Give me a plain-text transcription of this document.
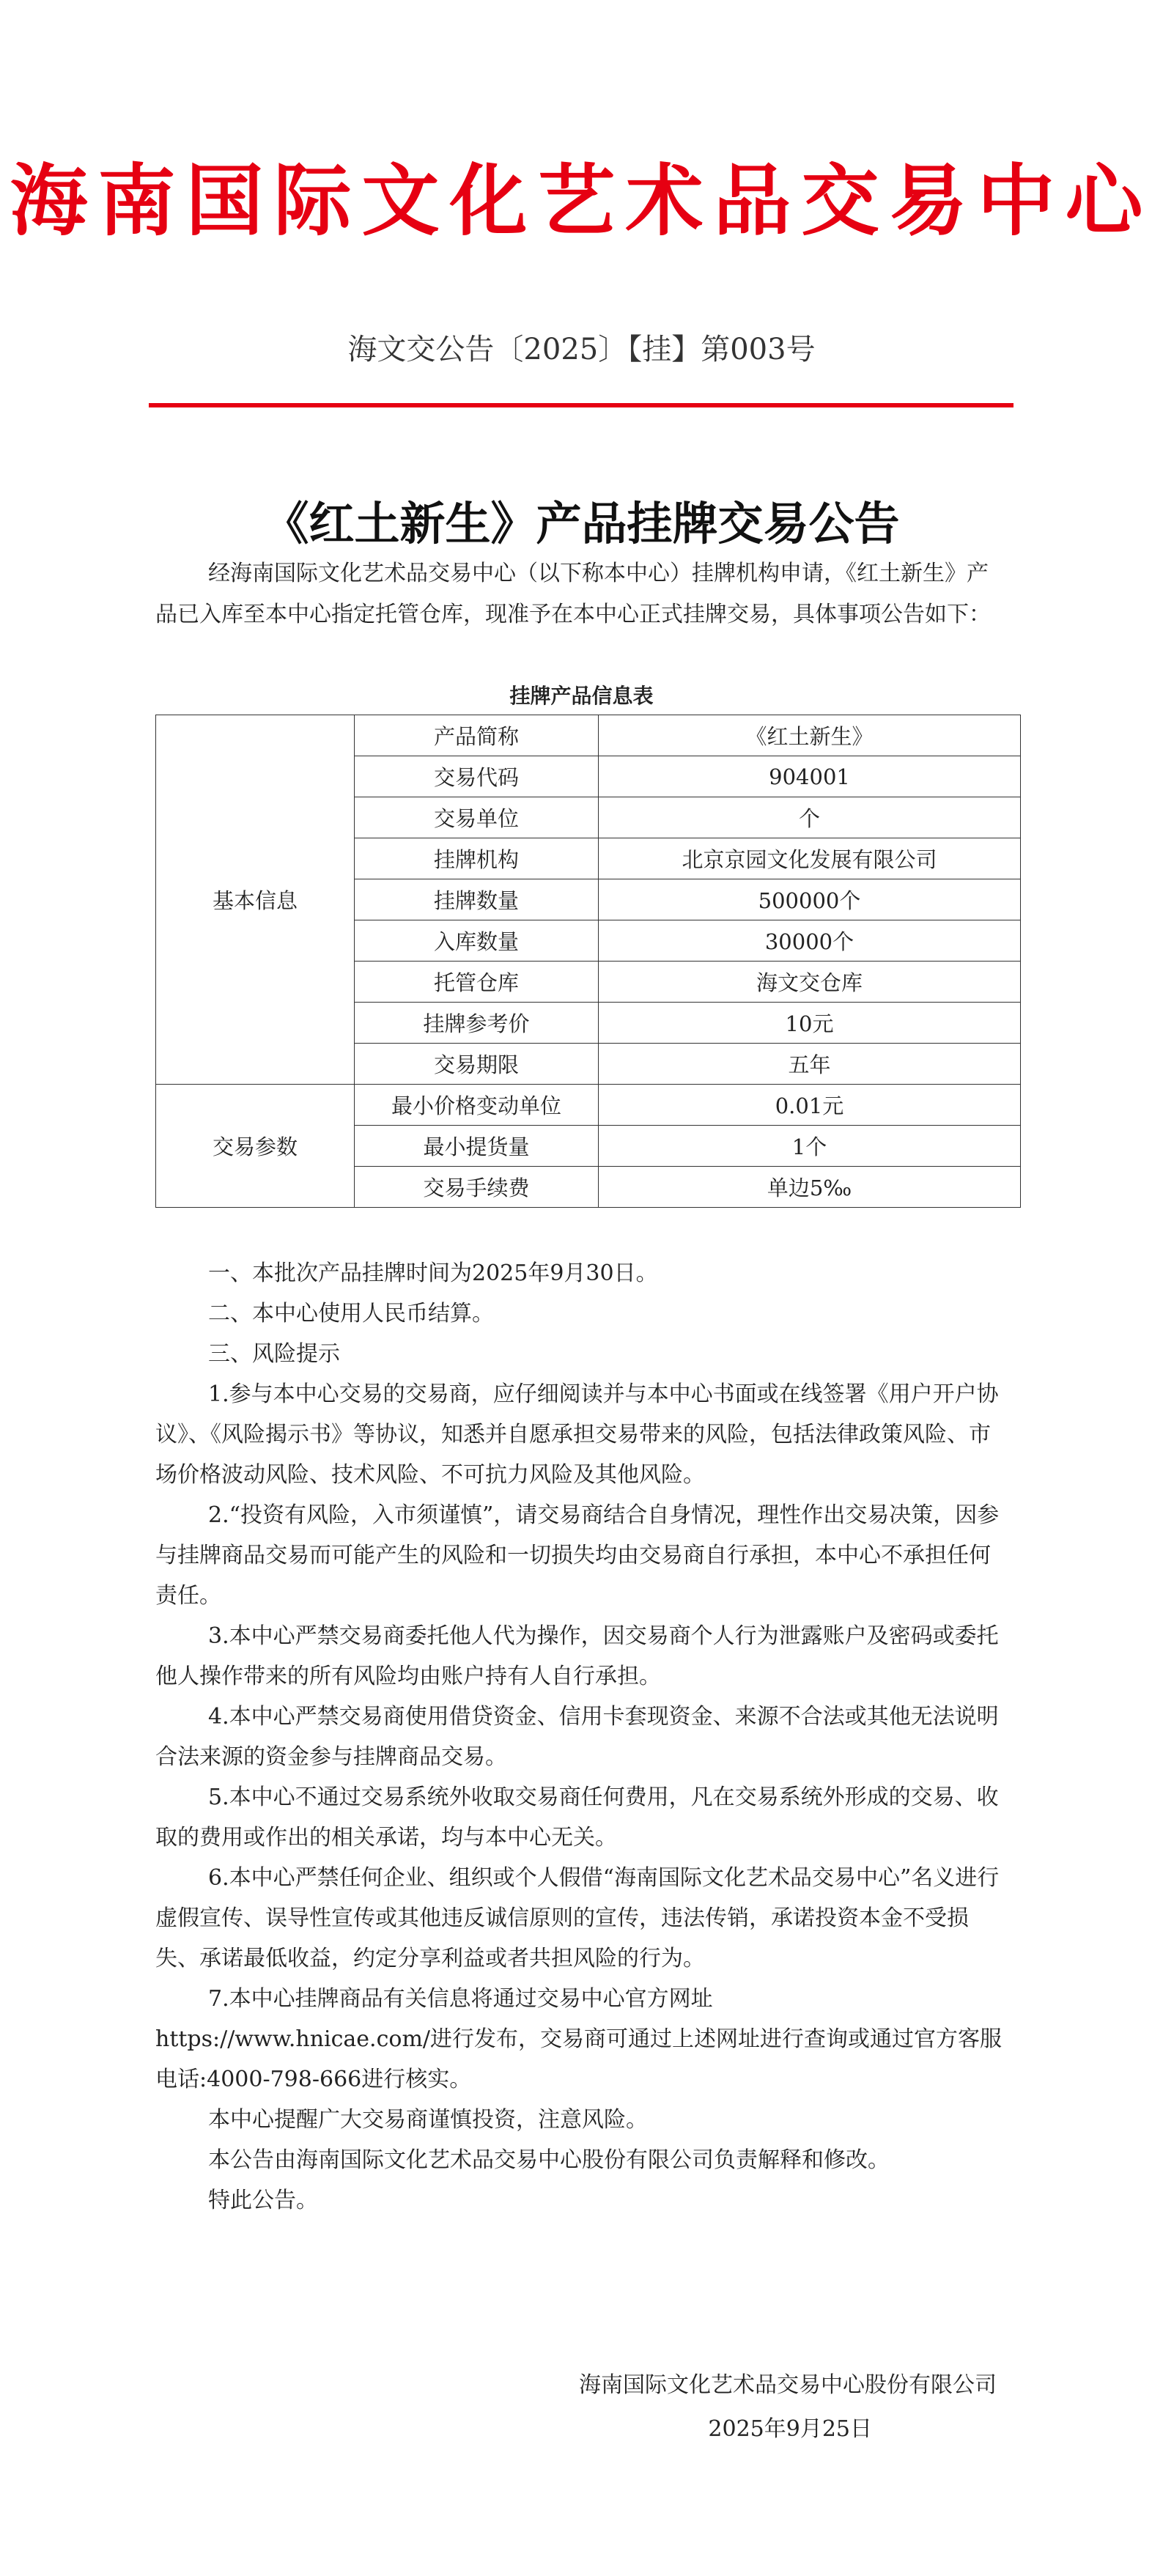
海南国际文化艺术品交易中心
海文交公告〔2025〕【挂】第003号
《红土新生》产品挂牌交易公告

经海南国际文化艺术品交易中心（以下称本中心）挂牌机构申请，《红土新生》产品已入库至本中心指定托管仓库，现准予在本中心正式挂牌交易，具体事项公告如下：

挂牌产品信息表
基本信息	产品简称	《红土新生》
	交易代码	904001
	交易单位	个
	挂牌机构	北京京园文化发展有限公司
	挂牌数量	500000个
	入库数量	30000个
	托管仓库	海文交仓库
	挂牌参考价	10元
	交易期限	五年
交易参数	最小价格变动单位	0.01元
	最小提货量	1个
	交易手续费	单边5‰

一、本批次产品挂牌时间为2025年9月30日。

二、本中心使用人民币结算。

三、风险提示

1.参与本中心交易的交易商，应仔细阅读并与本中心书面或在线签署《用户开户协议》、《风险揭示书》等协议，知悉并自愿承担交易带来的风险，包括法律政策风险、市场价格波动风险、技术风险、不可抗力风险及其他风险。

2.“投资有风险，入市须谨慎”，请交易商结合自身情况，理性作出交易决策，因参与挂牌商品交易而可能产生的风险和一切损失均由交易商自行承担，本中心不承担任何责任。

3.本中心严禁交易商委托他人代为操作，因交易商个人行为泄露账户及密码或委托他人操作带来的所有风险均由账户持有人自行承担。

4.本中心严禁交易商使用借贷资金、信用卡套现资金、来源不合法或其他无法说明合法来源的资金参与挂牌商品交易。

5.本中心不通过交易系统外收取交易商任何费用，凡在交易系统外形成的交易、收取的费用或作出的相关承诺，均与本中心无关。

6.本中心严禁任何企业、组织或个人假借“海南国际文化艺术品交易中心”名义进行虚假宣传、误导性宣传或其他违反诚信原则的宣传，违法传销，承诺投资本金不受损失、承诺最低收益，约定分享利益或者共担风险的行为。

7.本中心挂牌商品有关信息将通过交易中心官方网址

https://www.hnicae.com/进行发布，交易商可通过上述网址进行查询或通过官方客服电话:4000-798-666进行核实。

本中心提醒广大交易商谨慎投资，注意风险。

本公告由海南国际文化艺术品交易中心股份有限公司负责解释和修改。

特此公告。

海南国际文化艺术品交易中心股份有限公司
2025年9月25日
